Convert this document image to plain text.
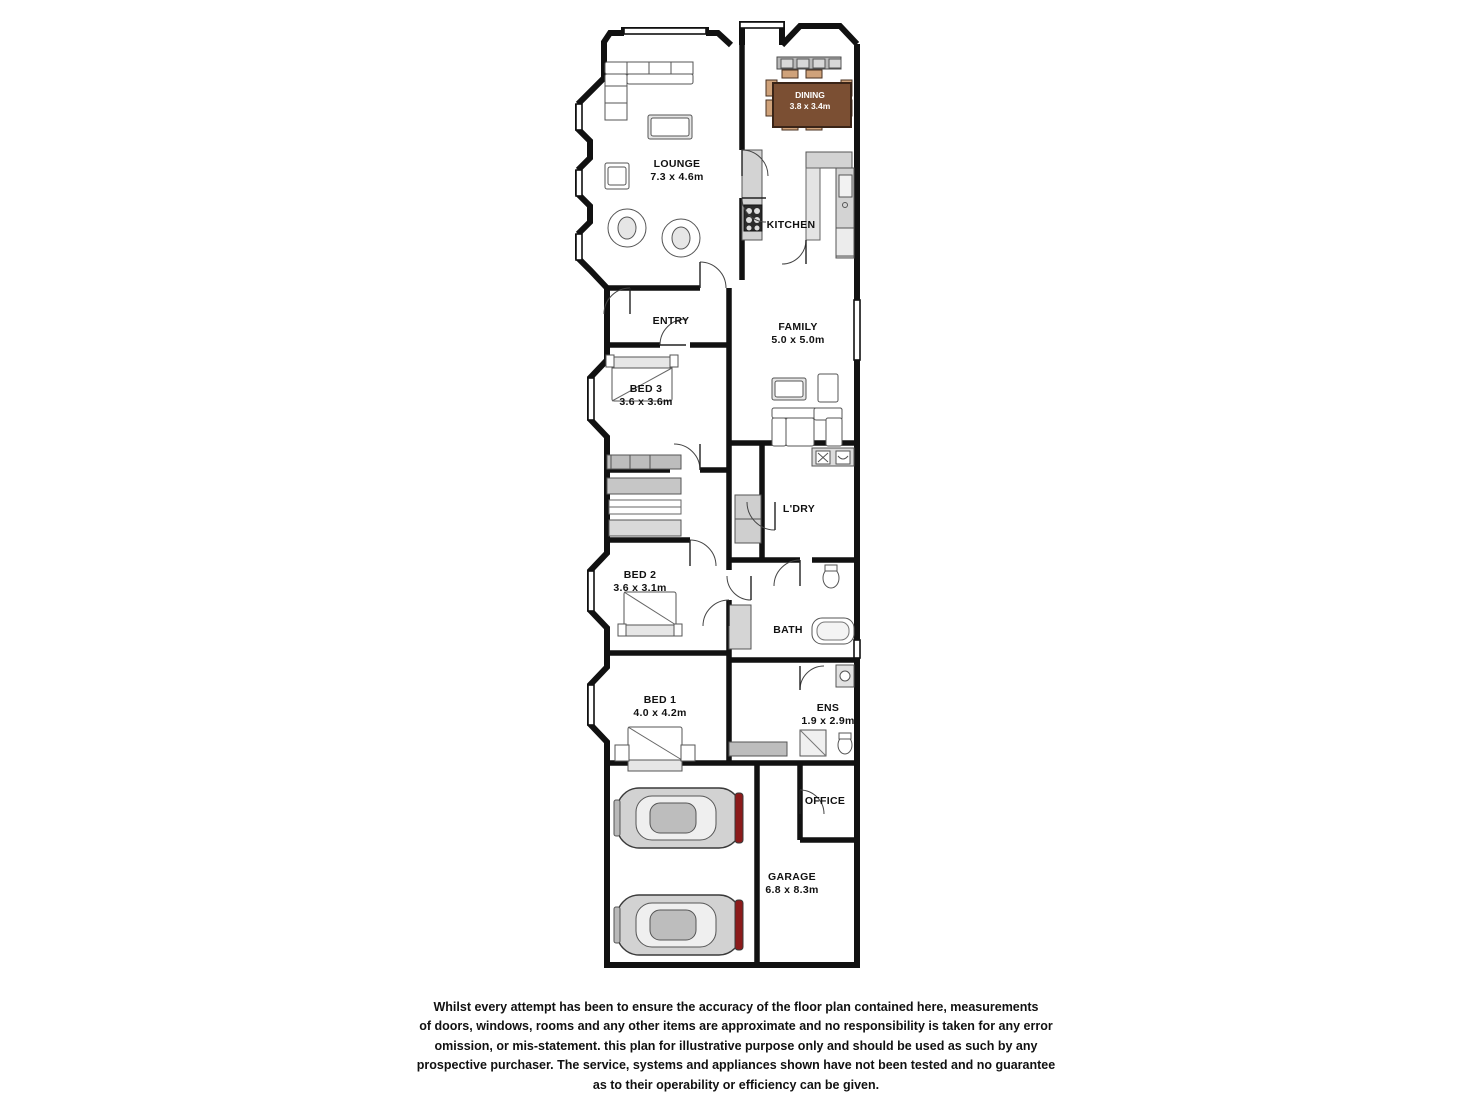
LOUNGE
7.3 x 4.6m
DINING
3.8 x 3.4m
KITCHEN
ENTRY	FAMILY
5.0 x 5.0m
BED 3
3.6 x 3.6m
L'DRY
BED 2
3.6 x 3.1m
BATH
BED 1
4.0 x 4.2m	ENS
1.9 x 2.9m
OFFICE
GARAGE
6.8 x 8.3m
Whilst every attempt has been to ensure the accuracy of the floor plan contained here, measurements
of doors, windows, rooms and any other items are approximate and no responsibility is taken for any error
omission, or mis-statement. this plan for illustrative purpose only and should be used as such by any
prospective purchaser. The service, systems and appliances shown have not been tested and no guarantee
as to their operability or efficiency can be given.
